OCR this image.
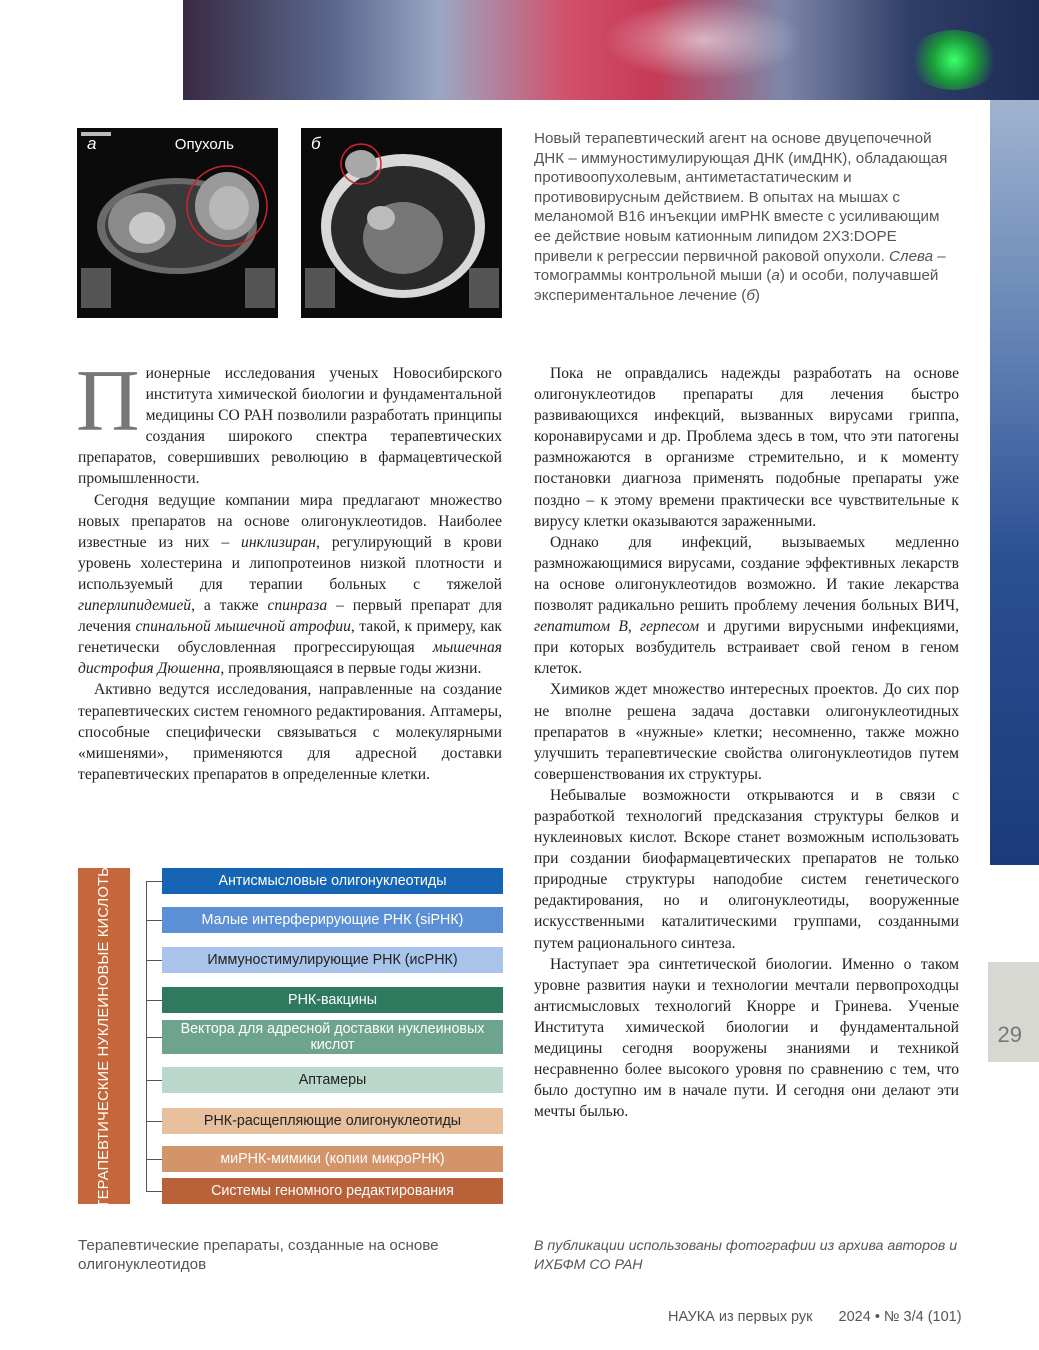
29
а	Опухоль	б	Новый терапевтический агент на основе двуцепочечной ДНК – иммуностимулирующая ДНК (имДНК), обладающая противоопухолевым, антиметастатическим и противовирусным действием. В опытах на мышах с меланомой В16 инъекции имРНК вместе с усиливающим ее действие новым катионным липидом 2X3:DOPE привели к регрессии первичной раковой опухоли. Слева – томограммы контрольной мыши (а) и особи, получавшей экспериментальное лечение (б)

Пионерные исследования ученых Новосибирского института химической биологии и фундаментальной медицины СО РАН позволили разработать принципы создания широкого спектра терапевтических препаратов, совершивших революцию в фармацевтической промышленности.

Сегодня ведущие компании мира предлагают множество новых препаратов на основе олигонуклеотидов. Наиболее известные из них – инклизиран, регулирующий в крови уровень холестерина и липопротеинов низкой плотности и используемый для терапии больных с тяжелой гиперлипидемией, а также спинраза – первый препарат для лечения спинальной мышечной атрофии, такой, к примеру, как генетически обусловленная прогрессирующая мышечная дистрофия Дюшенна, проявляющаяся в первые годы жизни.

Активно ведутся исследования, направленные на создание терапевтических систем геномного редактирования. Аптамеры, способные специфически связываться с молекулярными «мишенями», применяются для адресной доставки терапевтических препаратов в определенные клетки.

Пока не оправдались надежды разработать на основе олигонуклеотидов препараты для лечения быстро развивающихся инфекций, вызванных вирусами гриппа, коронавирусами и др. Проблема здесь в том, что эти патогены размножаются в организме стремительно, и к моменту постановки диагноза применять подобные препараты уже поздно – к этому времени практически все чувствительные к вирусу клетки оказываются зараженными.

Однако для инфекций, вызываемых медленно размножающимися вирусами, создание эффективных лекарств на основе олигонуклеотидов возможно. И такие лекарства позволят радикально решить проблему лечения больных ВИЧ, гепатитом В, герпесом и другими вирусными инфекциями, при которых возбудитель встраивает свой геном в геном клеток.

Химиков ждет множество интересных проектов. До сих пор не вполне решена задача доставки олигонуклеотидных препаратов в «нужные» клетки; несомненно, также можно улучшить терапевтические свойства олигонуклеотидов путем совершенствования их структуры.

Небывалые возможности открываются и в связи с разработкой технологий предсказания структуры белков и нуклеиновых кислот. Вскоре станет возможным использовать при создании биофармацевтических препаратов не только природные структуры наподобие систем генетического редактирования, но и олигонуклеотиды, вооруженные искусственными каталитическими группами, созданными путем рационального синтеза.

Наступает эра синтетической биологии. Именно о таком уровне развития науки и технологии мечтали первопроходцы антисмысловых технологий Кнорре и Гринева. Ученые Института химической биологии и фундаментальной медицины сегодня вооружены знаниями и техникой несравненно более высокого уровня по сравнению с тем, что было доступно им в начале пути. И сегодня они делают эти мечты былью.

ТЕРАПЕВТИЧЕСКИЕ НУКЛЕИНОВЫЕ КИСЛОТЫ	Антисмысловые олигонуклеотиды
Малые интерферирующие РНК (siРНК)
Иммуностимулирующие РНК (исРНК)
РНК-вакцины
Вектора для адресной доставки нуклеиновых кислот
Аптамеры
РНК-расщепляющие олигонуклеотиды
миРНК-мимики (копии микроРНК)
Системы геномного редактирования
Терапевтические препараты, созданные на основе олигонуклеотидов
В публикации использованы фотографии из архива авторов и ИХБФМ СО РАН
НАУКА из первых рук 2024 • № 3/4 (101)
